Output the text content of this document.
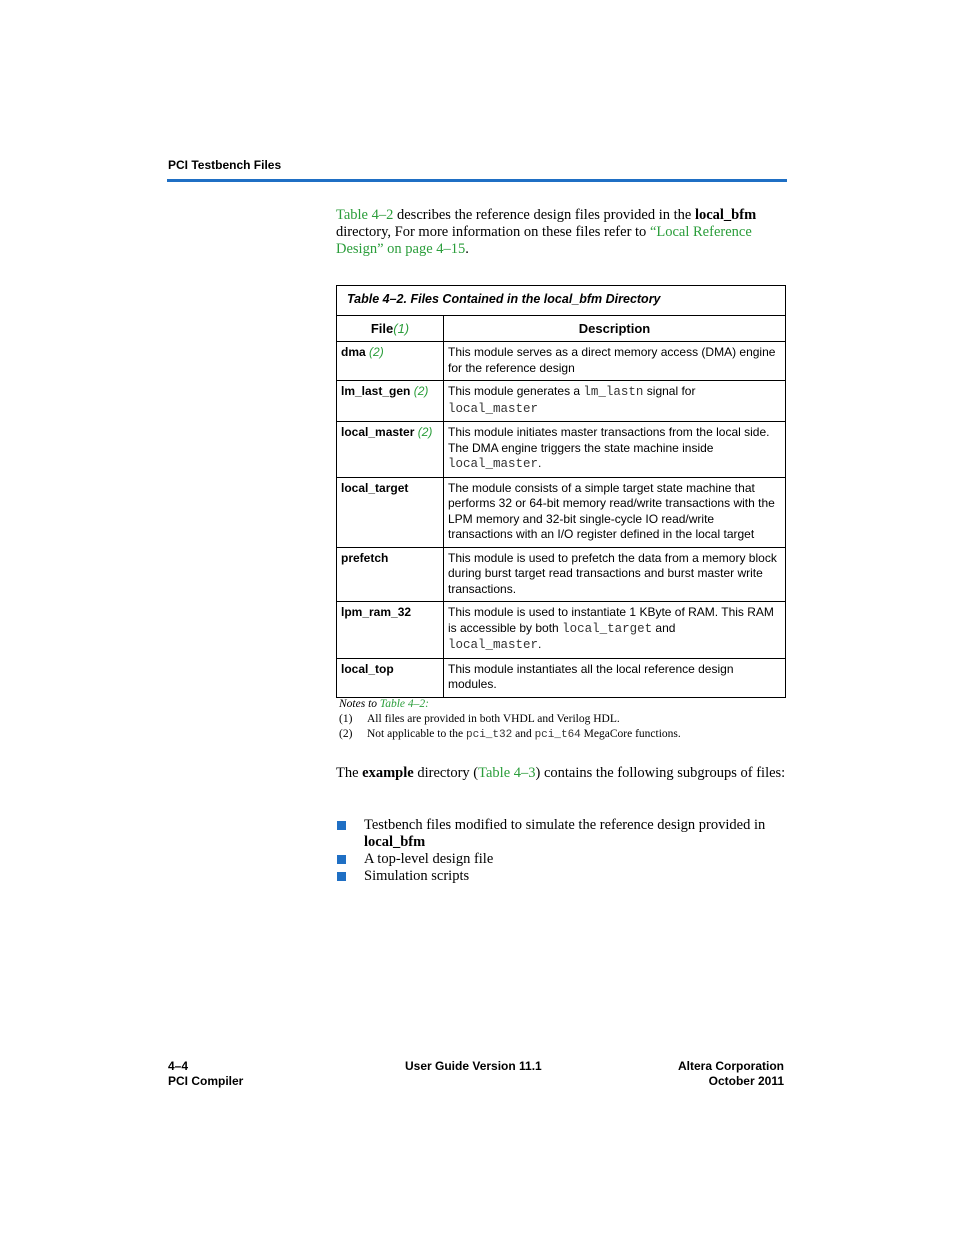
PCI Testbench Files

Table 4–2 describes the reference design files provided in the local_bfm directory, For more information on these files refer to “Local Reference Design” on page 4–15.

Table 4–2. Files Contained in the local_bfm Directory	
File(1)	Description
dma (2)	This module serves as a direct memory access (DMA) engine for the reference design
lm_last_gen (2)	This module generates a lm_lastn signal for
local_master
local_master (2)	This module initiates master transactions from the local side. The DMA engine triggers the state machine inside local_master.
local_target	The module consists of a simple target state machine that performs 32 or 64-bit memory read/write transactions with the LPM memory and 32-bit single-cycle IO read/write transactions with an I/O register defined in the local target
prefetch	This module is used to prefetch the data from a memory block during burst target read transactions and burst master write transactions.
lpm_ram_32	This module is used to instantiate 1 KByte of RAM. This RAM is accessible by both local_target and
local_master.
local_top	This module instantiates all the local reference design modules.
Notes to Table 4–2:
(1)	All files are provided in both VHDL and Verilog HDL.
(2)	Not applicable to the pci_t32 and pci_t64 MegaCore functions.

The example directory (Table 4–3) contains the following subgroups of files:

Testbench files modified to simulate the reference design provided in local_bfm
A top-level design file
Simulation scripts
4–4
PCI Compiler
User Guide Version 11.1	Altera Corporation
October 2011
